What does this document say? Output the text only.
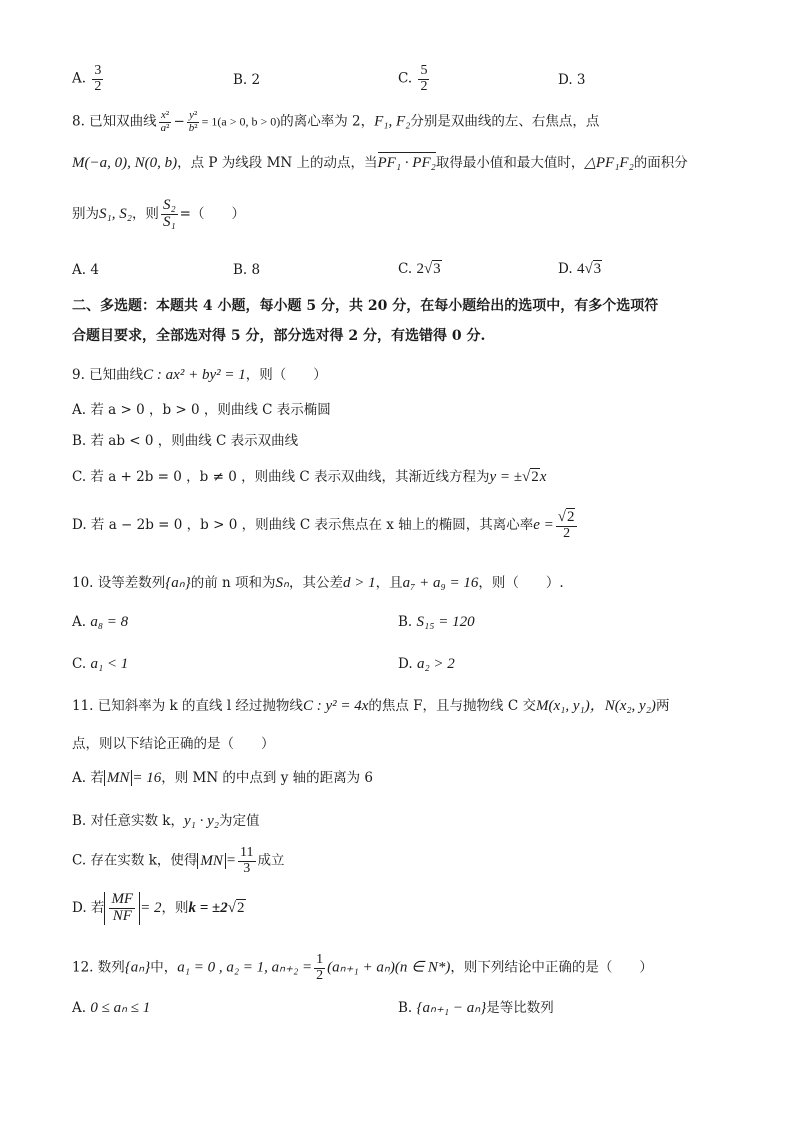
A. $\frac{3}{2}$	B. 2	C. $\frac{5}{2}$	D. 3
8. 已知双曲线 $\frac{\text{x²}}{\text{a²}} - \frac{\text{y²}}{\text{b²}} = 1(a > 0$, b > 0)的离心率为 2，F₁, F₂分别是双曲线的左、右焦点，点
M(−a, 0), N(0, b)，点 P 为线段 MN 上的动点，当PF₁ · PF₂取得最小值和最大值时，△PF₁F₂的面积分
别为S₁, S₂，则 $\frac{\text{S₂}}{\text{S₁}}$ =（　　）
A. 4	B. 8	C. 2√3	D. 4√3
二、多选题：本题共 4 小题，每小题 5 分，共 20 分，在每小题给出的选项中，有多个选项符
合题目要求，全部选对得 5 分，部分选对得 2 分，有选错得 0 分.
9. 已知曲线C : ax² + by² = 1，则（　　）
A. 若 a > 0 ，b > 0 ，则曲线 C 表示椭圆
B. 若 ab < 0 ，则曲线 C 表示双曲线
C. 若 a + 2b = 0 ，b ≠ 0 ，则曲线 C 表示双曲线，其渐近线方程为y = ±√2x
D. 若 a − 2b = 0 ，b > 0 ，则曲线 C 表示焦点在 x 轴上的椭圆，其离心率$e = \frac{√2}{2}$
10. 设等差数列{aₙ}的前 n 项和为Sₙ，其公差d > 1，且a₇ + a₉ = 16，则（　　）.
A. a₈ = 8	B. S₁₅ = 120
C. a₁ < 1	D. a₂ > 2
11. 已知斜率为 k 的直线 l 经过抛物线C : y² = 4x的焦点 F，且与抛物线 C 交M(x₁, y₁)，N(x₂, y₂)两
点，则以下结论正确的是（　　）
A. 若 MN = 16，则 MN 的中点到 y 轴的距离为 6
B. 对任意实数 k，y₁ · y₂为定值
C. 存在实数 k，使得 MN = $\frac{11}{3}$ 成立
D. 若 $\frac{MF}{NF} = 2$，则k = ±2√2
12. 数列{aₙ}中，a₁ = 0 , a₂ = 1, $a_{n+2} = \frac{1}{2} (a_{n+1} + a_n)(n$ ∈ N*)，则下列结论中正确的是（　　）
A. 0 ≤ aₙ ≤ 1	B. {aₙ₊₁ − aₙ}是等比数列
